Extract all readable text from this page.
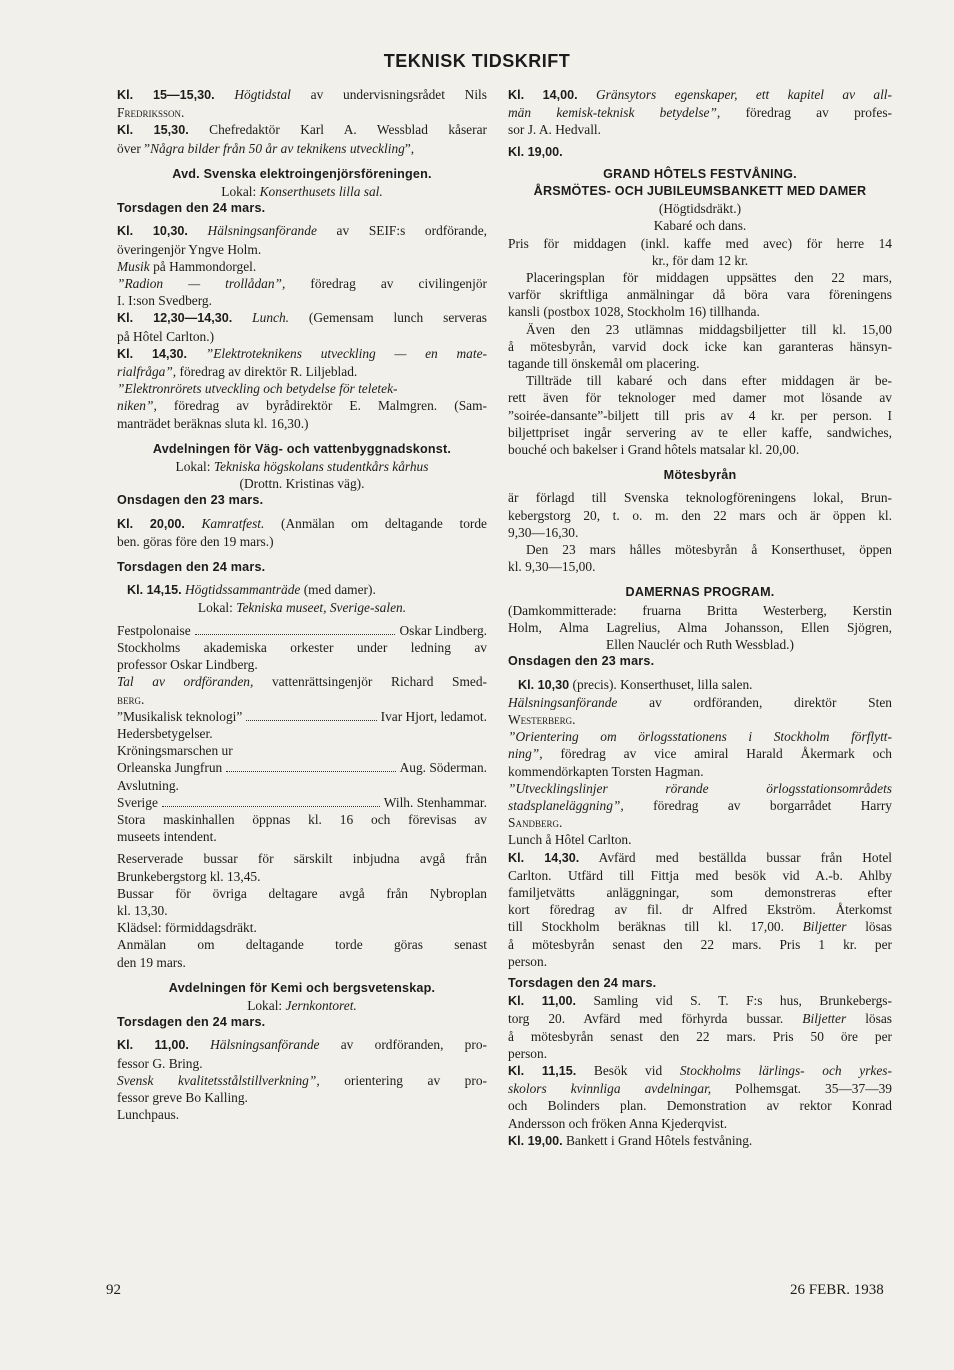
TEKNISK TIDSKRIFT
Kl. 15—15,30. Högtidstal av undervisningsrådet Nils
Fredriksson.
Kl. 15,30. Chefredaktör Karl A. Wessblad kåserar
över ”Några bilder från 50 år av teknikens utveckling”,
Avd. Svenska elektroingenjörsföreningen.
Lokal: Konserthusets lilla sal.
Torsdagen den 24 mars.
Kl. 10,30. Hälsningsanförande av SEIF:s ordförande,
överingenjör Yngve Holm.
Musik på Hammondorgel.
”Radion — trollådan”, föredrag av civilingenjör
I. I:son Svedberg.
Kl. 12,30—14,30. Lunch. (Gemensam lunch serveras
på Hôtel Carlton.)
Kl. 14,30. ”Elektroteknikens utveckling — en mate-
rialfråga”, föredrag av direktör R. Liljeblad.
”Elektronrörets utveckling och betydelse för teletek-
niken”, föredrag av byrådirektör E. Malmgren. (Sam-
manträdet beräknas sluta kl. 16,30.)
Avdelningen för Väg- och vattenbyggnadskonst.
Lokal: Tekniska högskolans studentkårs kårhus
(Drottn. Kristinas väg).
Onsdagen den 23 mars.
Kl. 20,00. Kamratfest. (Anmälan om deltagande torde
ben. göras före den 19 mars.)
Torsdagen den 24 mars.
Kl. 14,15. Högtidssammanträde (med damer).
Lokal: Tekniska museet, Sverige-salen.
Festpolonaise	Oskar Lindberg.
Stockholms akademiska orkester under ledning av
professor Oskar Lindberg.
Tal av ordföranden, vattenrättsingenjör Richard Smed-
berg.
”Musikalisk teknologi”	Ivar Hjort, ledamot.
Hedersbetygelser.
Kröningsmarschen ur
Orleanska Jungfrun	Aug. Söderman.
Avslutning.
Sverige	Wilh. Stenhammar.
Stora maskinhallen öppnas kl. 16 och förevisas av
museets intendent.
Reserverade bussar för särskilt inbjudna avgå från
Brunkebergstorg kl. 13,45.
Bussar för övriga deltagare avgå från Nybroplan
kl. 13,30.
Klädsel: förmiddagsdräkt.
Anmälan om deltagande torde göras senast
den 19 mars.
Avdelningen för Kemi och bergsvetenskap.
Lokal: Jernkontoret.
Torsdagen den 24 mars.
Kl. 11,00. Hälsningsanförande av ordföranden, pro-
fessor G. Bring.
Svensk kvalitetsstålstillverkning”, orientering av pro-
fessor greve Bo Kalling.
Lunchpaus.
Kl. 14,00. Gränsytors egenskaper, ett kapitel av all-
män kemisk-teknisk betydelse”, föredrag av profes-
sor J. A. Hedvall.
Kl. 19,00.
GRAND HÔTELS FESTVÅNING.
ÅRSMÖTES- OCH JUBILEUMSBANKETT MED DAMER
(Högtidsdräkt.)
Kabaré och dans.
Pris för middagen (inkl. kaffe med avec) för herre 14
kr., för dam 12 kr.
Placeringsplan för middagen uppsättes den 22 mars,
varför skriftliga anmälningar då böra vara föreningens
kansli (postbox 1028, Stockholm 16) tillhanda.
Även den 23 utlämnas middagsbiljetter till kl. 15,00
å mötesbyrån, varvid dock icke kan garanteras hänsyn-
tagande till önskemål om placering.
Tillträde till kabaré och dans efter middagen är be-
rett även för teknologer med damer mot lösande av
”soirée-dansante”-biljett till pris av 4 kr. per person. I
biljettpriset ingår servering av te eller kaffe, sandwiches,
bouché och bakelser i Grand hôtels matsalar kl. 20,00.
Mötesbyrån
är förlagd till Svenska teknologföreningens lokal, Brun-
kebergstorg 20, t. o. m. den 22 mars och är öppen kl.
9,30—16,30.
Den 23 mars hålles mötesbyrån å Konserthuset, öppen
kl. 9,30—15,00.
DAMERNAS PROGRAM.
(Damkommitterade: fruarna Britta Westerberg, Kerstin
Holm, Alma Lagrelius, Alma Johansson, Ellen Sjögren,
Ellen Nauclér och Ruth Wessblad.)
Onsdagen den 23 mars.
Kl. 10,30 (precis). Konserthuset, lilla salen.
Hälsningsanförande av ordföranden, direktör Sten
Westerberg.
”Orientering om örlogsstationens i Stockholm förflytt-
ning”, föredrag av vice amiral Harald Åkermark och
kommendörkapten Torsten Hagman.
”Utvecklingslinjer rörande örlogsstationsområdets
stadsplaneläggning”, föredrag av borgarrådet Harry
Sandberg.
Lunch å Hôtel Carlton.
Kl. 14,30. Avfärd med beställda bussar från Hotel
Carlton. Utfärd till Fittja med besök vid A.-b. Ahlby
familjetvätts anläggningar, som demonstreras efter
kort föredrag av fil. dr Alfred Ekström. Återkomst
till Stockholm beräknas till kl. 17,00. Biljetter lösas
å mötesbyrån senast den 22 mars. Pris 1 kr. per
person.
Torsdagen den 24 mars.
Kl. 11,00. Samling vid S. T. F:s hus, Brunkebergs-
torg 20. Avfärd med förhyrda bussar. Biljetter lösas
å mötesbyrån senast den 22 mars. Pris 50 öre per
person.
Kl. 11,15. Besök vid Stockholms lärlings- och yrkes-
skolors kvinnliga avdelningar, Polhemsgat. 35—37—39
och Bolinders plan. Demonstration av rektor Konrad
Andersson och fröken Anna Kjederqvist.
Kl. 19,00. Bankett i Grand Hôtels festvåning.
92	26 FEBR. 1938
